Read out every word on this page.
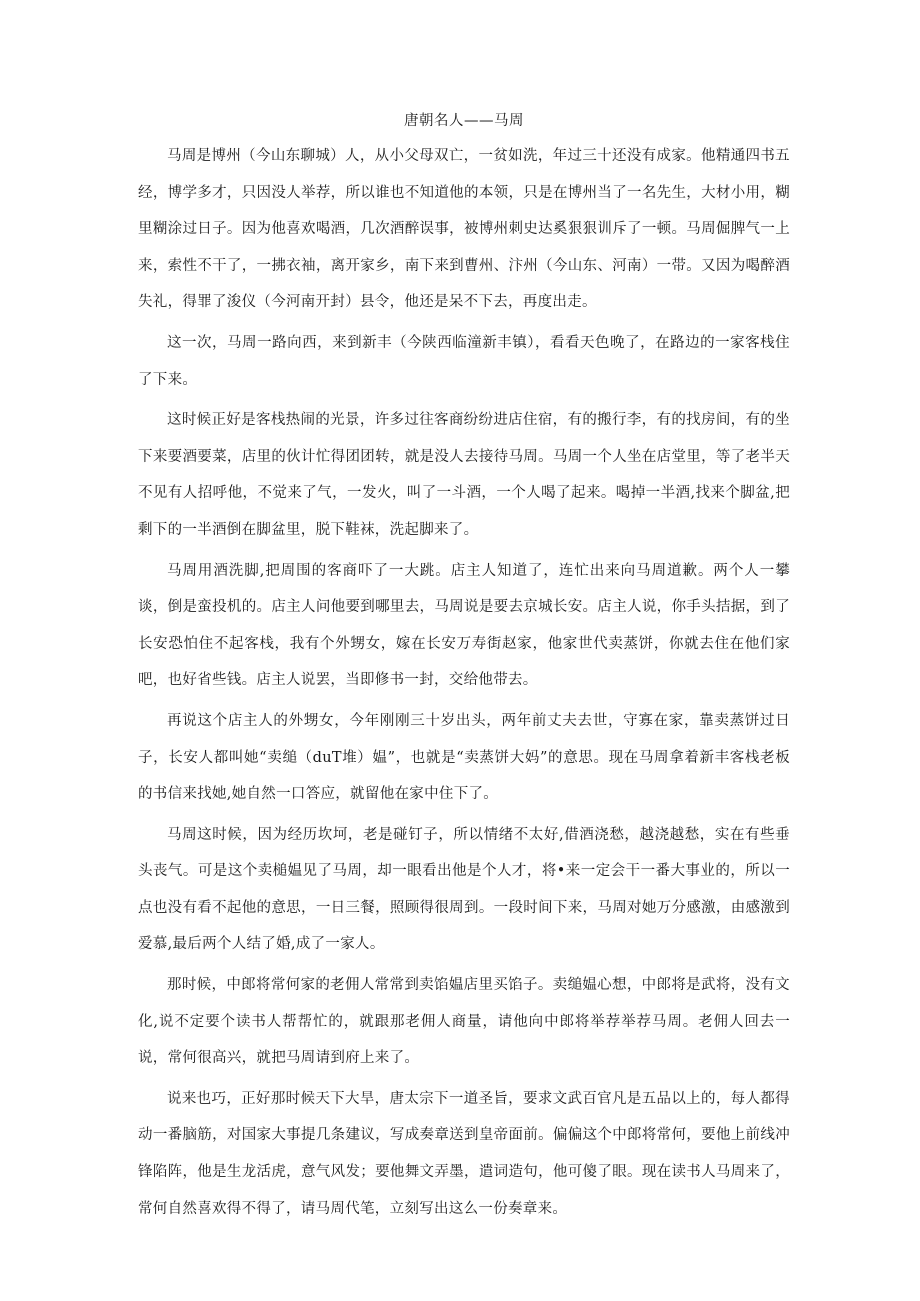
唐朝名人——马周

马周是博州（今山东聊城）人，从小父母双亡，一贫如洗，年过三十还没有成家。他精通四书五经，博学多才，只因没人举荐，所以谁也不知道他的本领，只是在博州当了一名先生，大材小用，糊里糊涂过日子。因为他喜欢喝酒，几次酒醉误事，被博州刺史达奚狠狠训斥了一顿。马周倔脾气一上来，索性不干了，一拂衣袖，离开家乡，南下来到曹州、汴州（今山东、河南）一带。又因为喝醉酒失礼，得罪了浚仪（今河南开封）县令，他还是呆不下去，再度出走。

这一次，马周一路向西，来到新丰（今陕西临潼新丰镇），看看天色晚了，在路边的一家客栈住了下来。

这时候正好是客栈热闹的光景，许多过往客商纷纷进店住宿，有的搬行李，有的找房间，有的坐下来要酒要菜，店里的伙计忙得团团转，就是没人去接待马周。马周一个人坐在店堂里，等了老半天不见有人招呼他，不觉来了气，一发火，叫了一斗酒，一个人喝了起来。喝掉一半酒,找来个脚盆,把剩下的一半酒倒在脚盆里，脱下鞋袜，洗起脚来了。

马周用酒洗脚,把周围的客商吓了一大跳。店主人知道了，连忙出来向马周道歉。两个人一攀谈，倒是蛮投机的。店主人问他要到哪里去，马周说是要去京城长安。店主人说，你手头拮据，到了长安恐怕住不起客栈，我有个外甥女，嫁在长安万寿街赵家，他家世代卖蒸饼，你就去住在他们家吧，也好省些钱。店主人说罢，当即修书一封，交给他带去。

再说这个店主人的外甥女，今年刚刚三十岁出头，两年前丈夫去世，守寡在家，靠卖蒸饼过日子，长安人都叫她“卖缒（duT堆）媪”，也就是“卖蒸饼大妈”的意思。现在马周拿着新丰客栈老板的书信来找她,她自然一口答应，就留他在家中住下了。

马周这时候，因为经历坎坷，老是碰钉子，所以情绪不太好,借酒浇愁，越浇越愁，实在有些垂头丧气。可是这个卖槌媪见了马周，却一眼看出他是个人才，将•来一定会干一番大事业的，所以一点也没有看不起他的意思，一日三餐，照顾得很周到。一段时间下来，马周对她万分感激，由感激到爱慕,最后两个人结了婚,成了一家人。

那时候，中郎将常何家的老佣人常常到卖馅媪店里买馅子。卖缒媪心想，中郎将是武将，没有文化,说不定要个读书人帮帮忙的，就跟那老佣人商量，请他向中郎将举荐举荐马周。老佣人回去一说，常何很高兴，就把马周请到府上来了。

说来也巧，正好那时候天下大旱，唐太宗下一道圣旨，要求文武百官凡是五品以上的，每人都得动一番脑筋，对国家大事提几条建议，写成奏章送到皇帝面前。偏偏这个中郎将常何，要他上前线冲锋陷阵，他是生龙活虎，意气风发；要他舞文弄墨，遣词造句，他可傻了眼。现在读书人马周来了，常何自然喜欢得不得了，请马周代笔，立刻写出这么一份奏章来。
